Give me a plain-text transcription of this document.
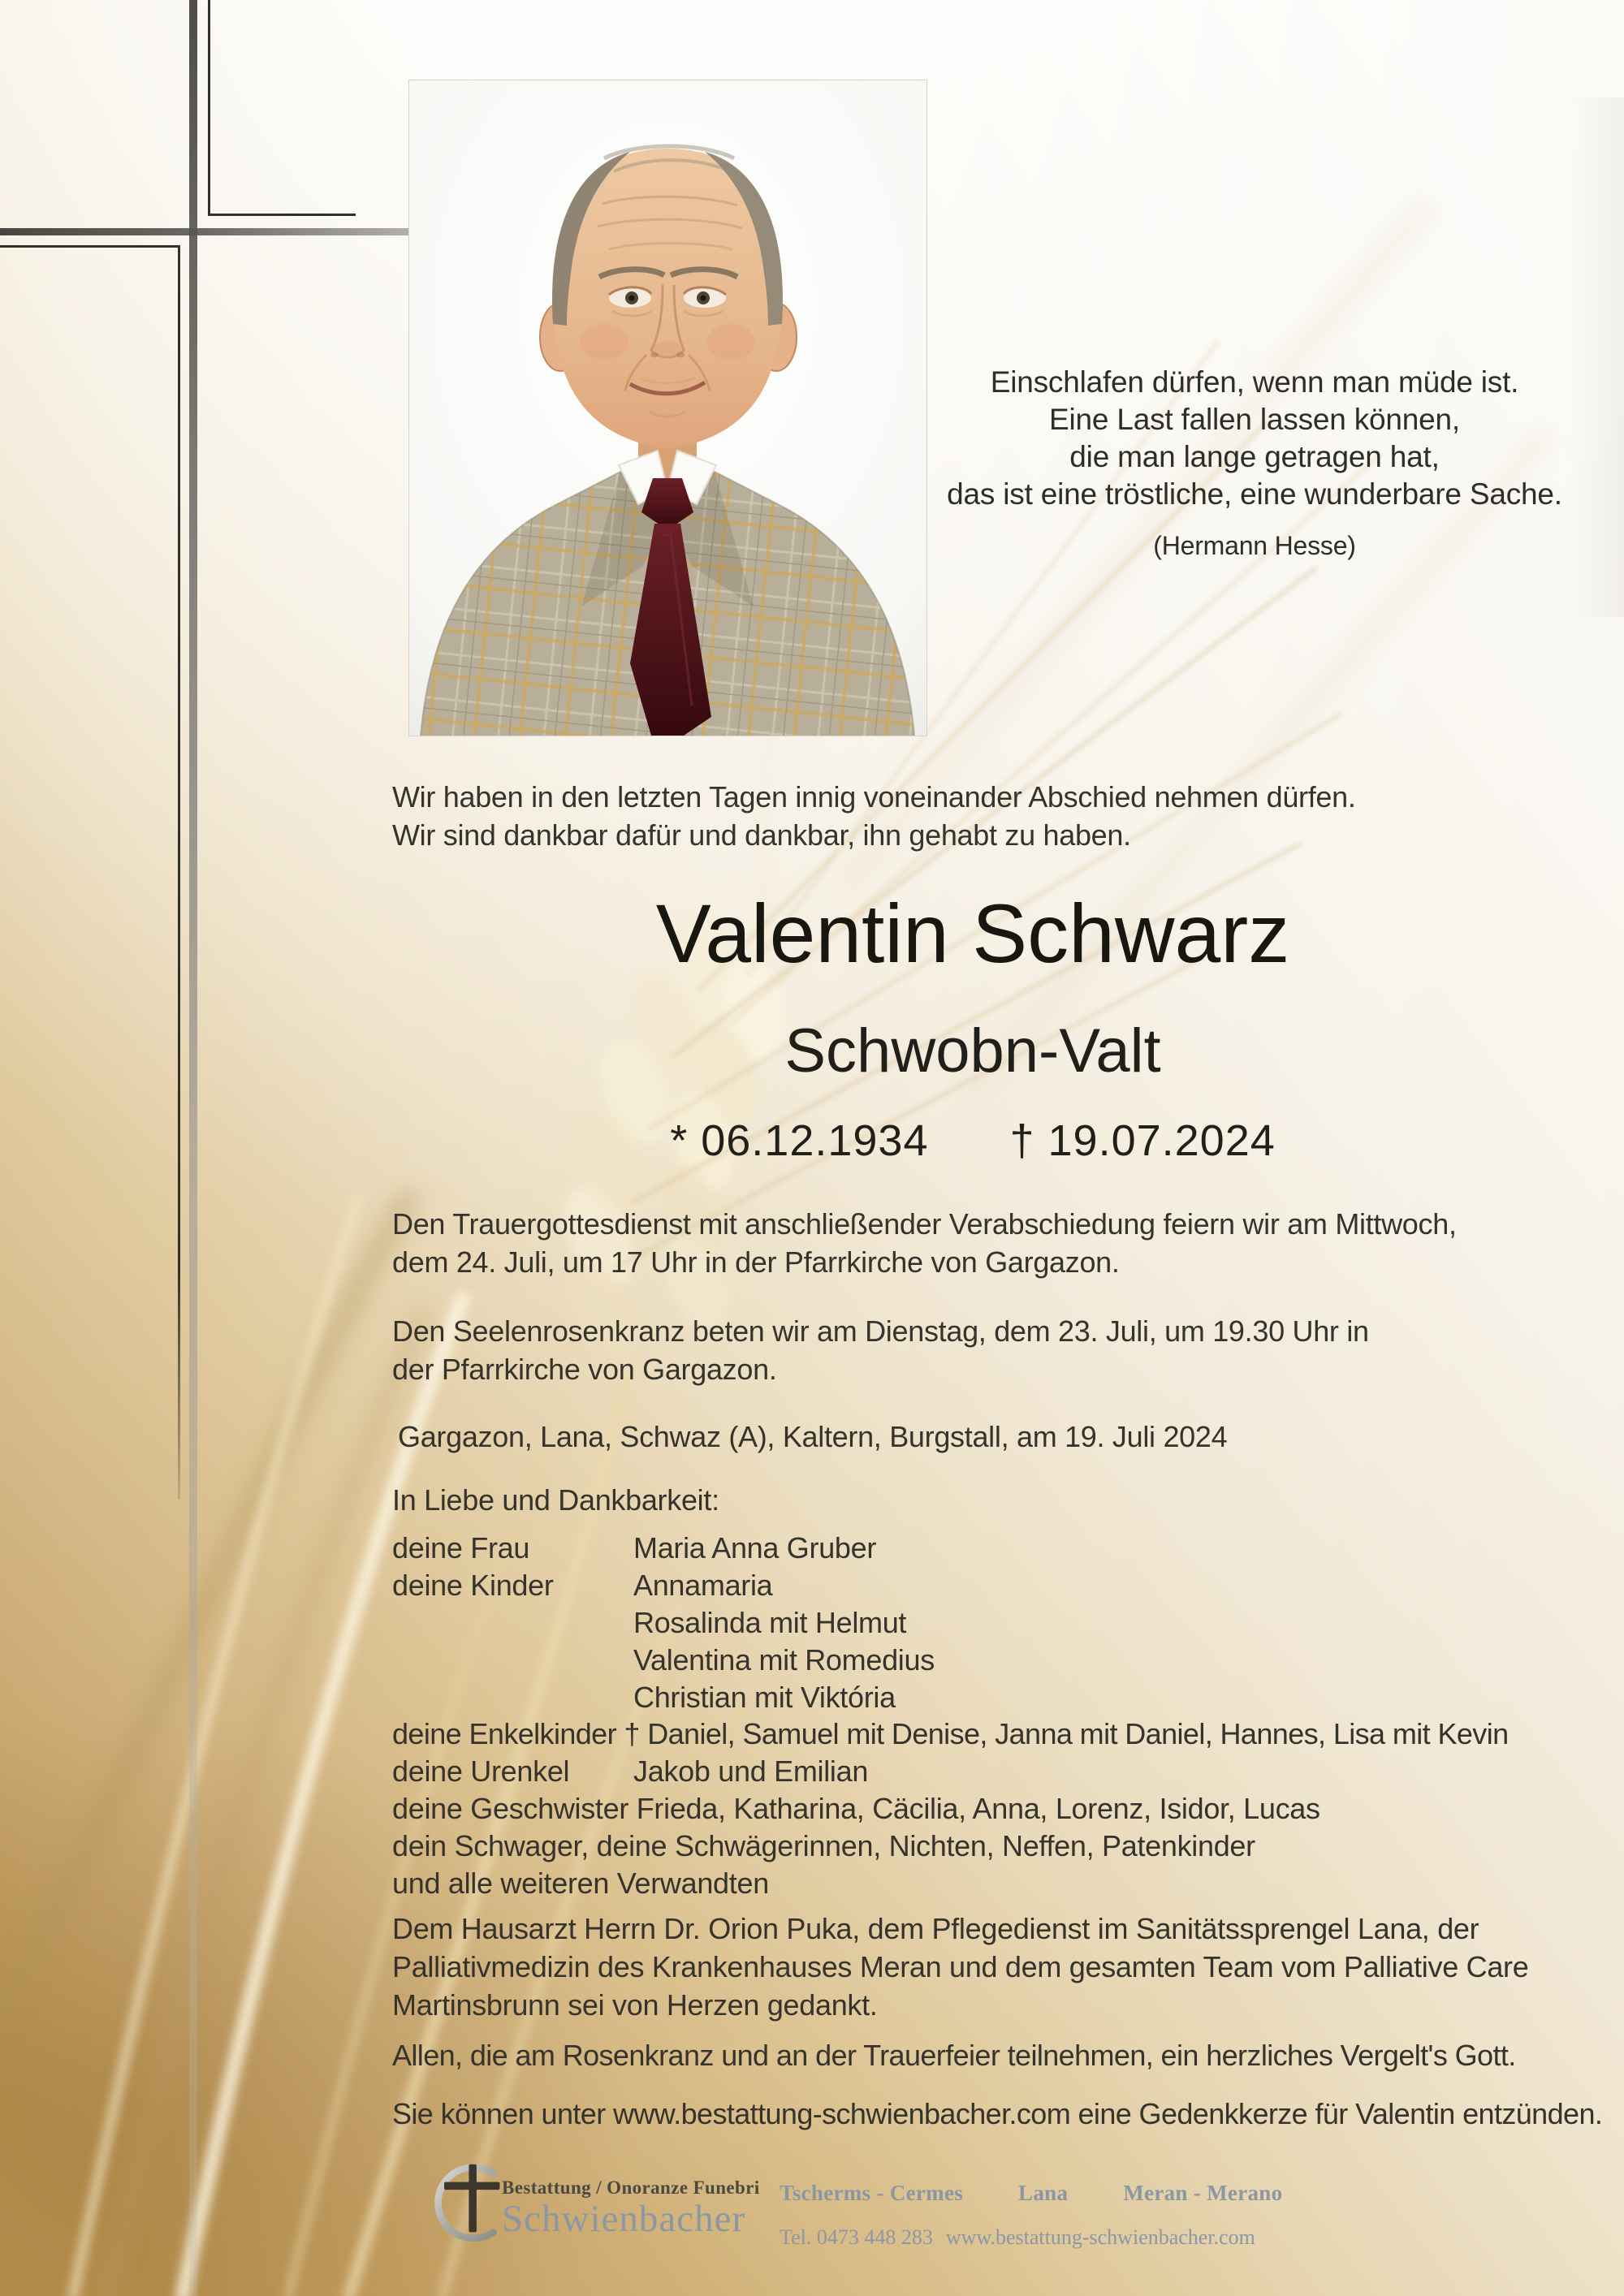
Einschlafen dürfen, wenn man müde ist.
Eine Last fallen lassen können,
die man lange getragen hat,
das ist eine tröstliche, eine wunderbare Sache.
(Hermann Hesse)
Wir haben in den letzten Tagen innig voneinander Abschied nehmen dürfen.
Wir sind dankbar dafür und dankbar, ihn gehabt zu haben.
Valentin Schwarz
Schwobn-Valt
* 06.12.1934 † 19.07.2024
Den Trauergottesdienst mit anschließender Verabschiedung feiern wir am Mittwoch,
dem 24. Juli, um 17 Uhr in der Pfarrkirche von Gargazon.
Den Seelenrosenkranz beten wir am Dienstag, dem 23. Juli, um 19.30 Uhr in
der Pfarrkirche von Gargazon.
Gargazon, Lana, Schwaz (A), Kaltern, Burgstall, am 19. Juli 2024
In Liebe und Dankbarkeit:
deine Frau	Maria Anna Gruber
deine Kinder	Annamaria
Rosalinda mit Helmut
Valentina mit Romedius
Christian mit Viktória
deine Enkelkinder † Daniel, Samuel mit Denise, Janna mit Daniel, Hannes, Lisa mit Kevin
deine Urenkel	Jakob und Emilian
deine Geschwister Frieda, Katharina, Cäcilia, Anna, Lorenz, Isidor, Lucas
dein Schwager, deine Schwägerinnen, Nichten, Neffen, Patenkinder
und alle weiteren Verwandten
Dem Hausarzt Herrn Dr. Orion Puka, dem Pflegedienst im Sanitätssprengel Lana, der
Palliativmedizin des Krankenhauses Meran und dem gesamten Team vom Palliative Care
Martinsbrunn sei von Herzen gedankt.
Allen, die am Rosenkranz und an der Trauerfeier teilnehmen, ein herzliches Vergelt's Gott.
Sie können unter www.bestattung-schwienbacher.com eine Gedenkkerze für Valentin entzünden.
Bestattung / Onoranze Funebri
Schwienbacher
Tscherms - Cermes	Lana	Meran - Merano
Tel. 0473 448 283 www.bestattung-schwienbacher.com
